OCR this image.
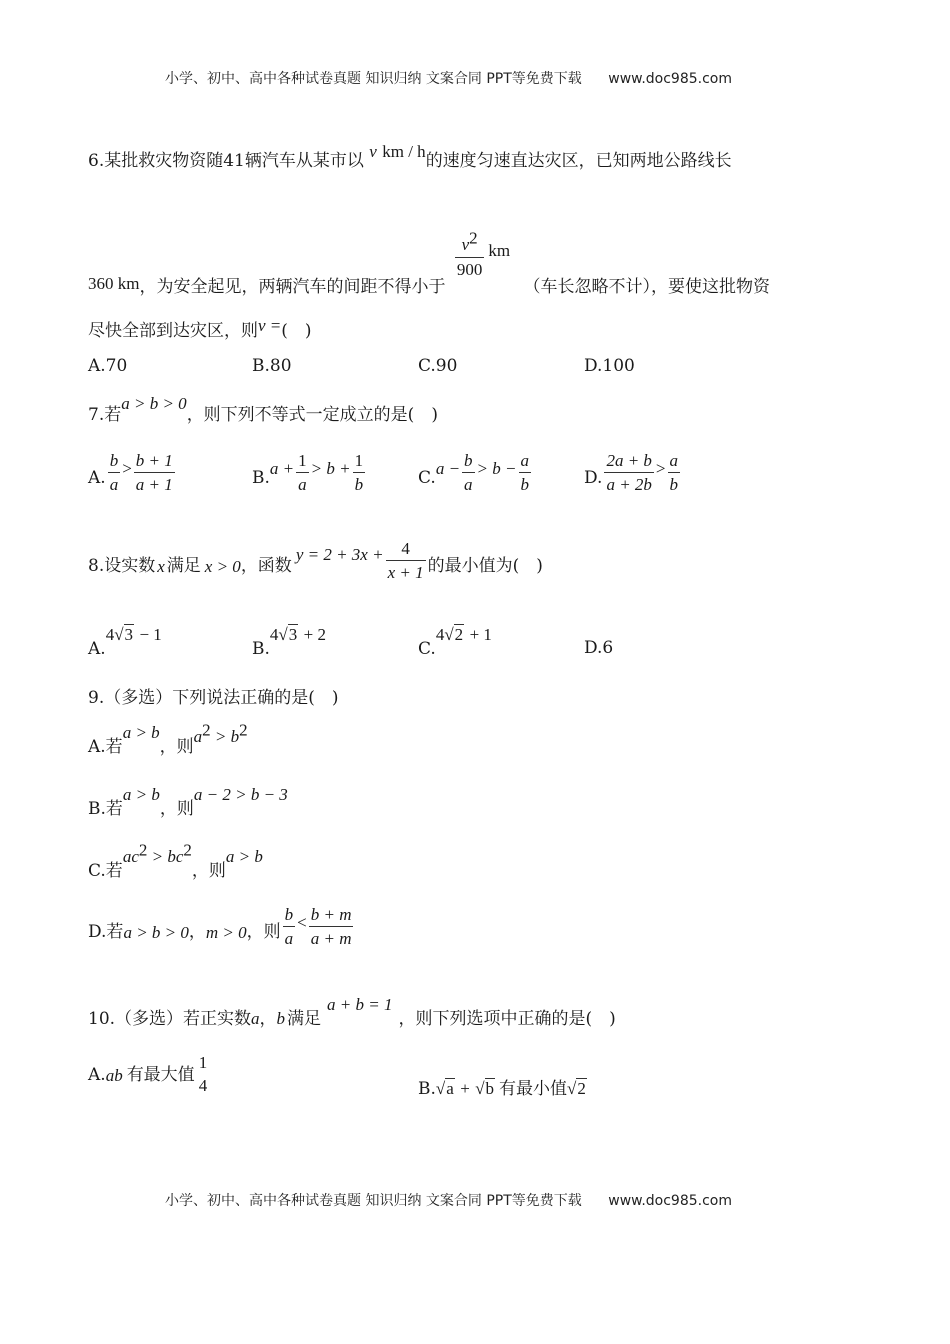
小学、初中、高中各种试卷真题 知识归纳 文案合同 PPT等免费下载 www.doc985.com
6.某批救灾物资随41辆汽车从某市以 v km / h的速度匀速直达灾区，已知两地公路线长
360 km，为安全起见，两辆汽车的间距不得小于
$\frac{v^2}{900}$ km （车长忽略不计），要使这批物资
尽快全部到达灾区，则v =(　)
A.70	B.80	C.90	D.100
7.若a > b > 0，则下列不等式一定成立的是(　)
A. $\frac{b}{a} > \frac{b + 1}{a + 1}$	B. $a + \frac{1}{a} > b + \frac{1}{b}$	C. $a - \frac{b}{a} > b - \frac{a}{b}$	D. $\frac{2a + b}{a + 2b} > \frac{a}{b}$
8. 设实数 x 满足 x > 0 ，函数
$y = 2 + 3x + \frac{4}{x + 1}$ 的最小值为(　)
A.4√3 − 1
B.4√3 + 2
C.4√2 + 1
D.6
9.（多选）下列说法正确的是(　)
A.若a > b，则$a^2 > b^2$
B.若a > b，则a − 2 > b − 3
C.若$ac^2 > bc^2$，则a > b
D.若 a > b > 0 ， m > 0 ，则 $\frac{b}{a} < \frac{b + m}{a + m}$
10.（多选）若正实数a，b 满足a + b = 1，则下列选项中正确的是(　)
A. ab 有最大值
1
4	B.√a + √b 有最小值√2
小学、初中、高中各种试卷真题 知识归纳 文案合同 PPT等免费下载 www.doc985.com
